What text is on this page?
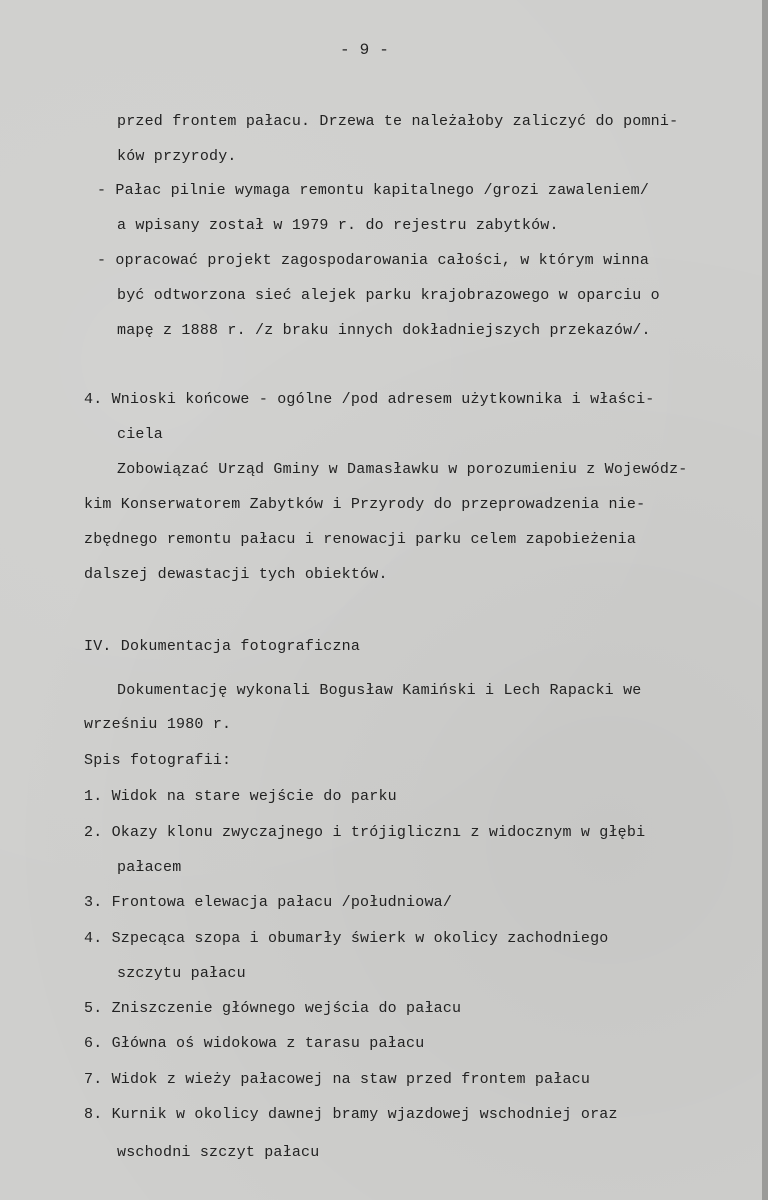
- 9 -
przed frontem pałacu. Drzewa te należałoby zaliczyć do pomni-
ków przyrody.
- Pałac pilnie wymaga remontu kapitalnego /grozi zawaleniem/
a wpisany został w 1979 r. do rejestru zabytków.
- opracować projekt zagospodarowania całości, w którym winna
być odtworzona sieć alejek parku krajobrazowego w oparciu o
mapę z 1888 r. /z braku innych dokładniejszych przekazów/.
4. Wnioski końcowe - ogólne /pod adresem użytkownika i właści-
ciela
Zobowiązać Urząd Gminy w Damasławku w porozumieniu z Wojewódz-
kim Konserwatorem Zabytków i Przyrody do przeprowadzenia nie-
zbędnego remontu pałacu i renowacji parku celem zapobieżenia
dalszej dewastacji tych obiektów.
IV. Dokumentacja fotograficzna
Dokumentację wykonali Bogusław Kamiński i Lech Rapacki we
wrześniu 1980 r.
Spis fotografii:
1. Widok na stare wejście do parku
2. Okazy klonu zwyczajnego i trójiglicznı z widocznym w głębi
pałacem
3. Frontowa elewacja pałacu /południowa/
4. Szpecąca szopa i obumarły świerk w okolicy zachodniego
szczytu pałacu
5. Zniszczenie głównego wejścia do pałacu
6. Główna oś widokowa z tarasu pałacu
7. Widok z wieży pałacowej na staw przed frontem pałacu
8. Kurnik w okolicy dawnej bramy wjazdowej wschodniej oraz
wschodni szczyt pałacu
